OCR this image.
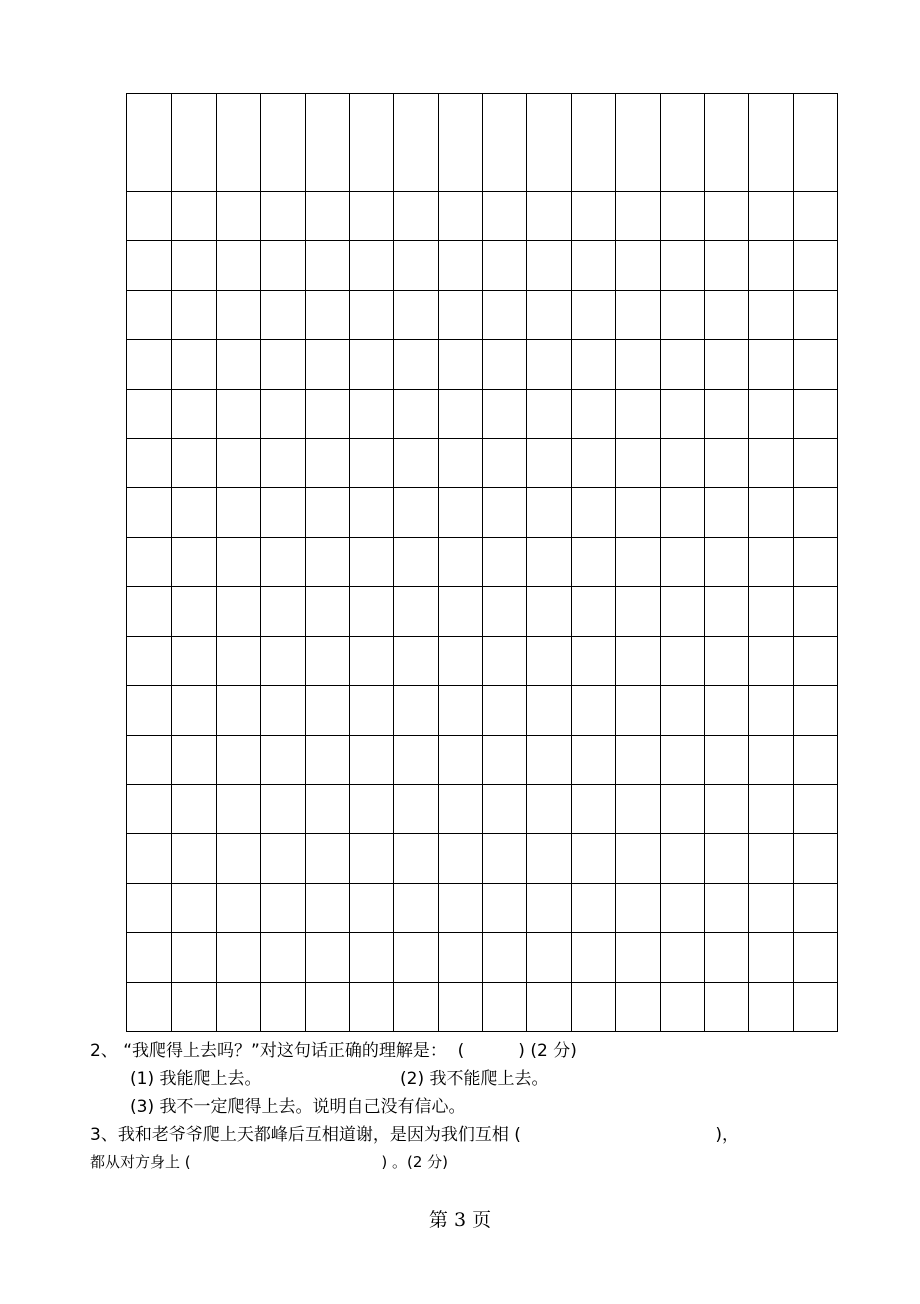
2、 “我爬得上去吗？”对这句话正确的理解是：  (          ) (2 分)
(1) 我能爬上去。	(2) 我不能爬上去。
(3) 我不一定爬得上去。说明自己没有信心。
3、我和老爷爷爬上天都峰后互相道谢，是因为我们互相 (                                    )，
都从对方身上 (                                        ) 。(2 分)
第 3 页
